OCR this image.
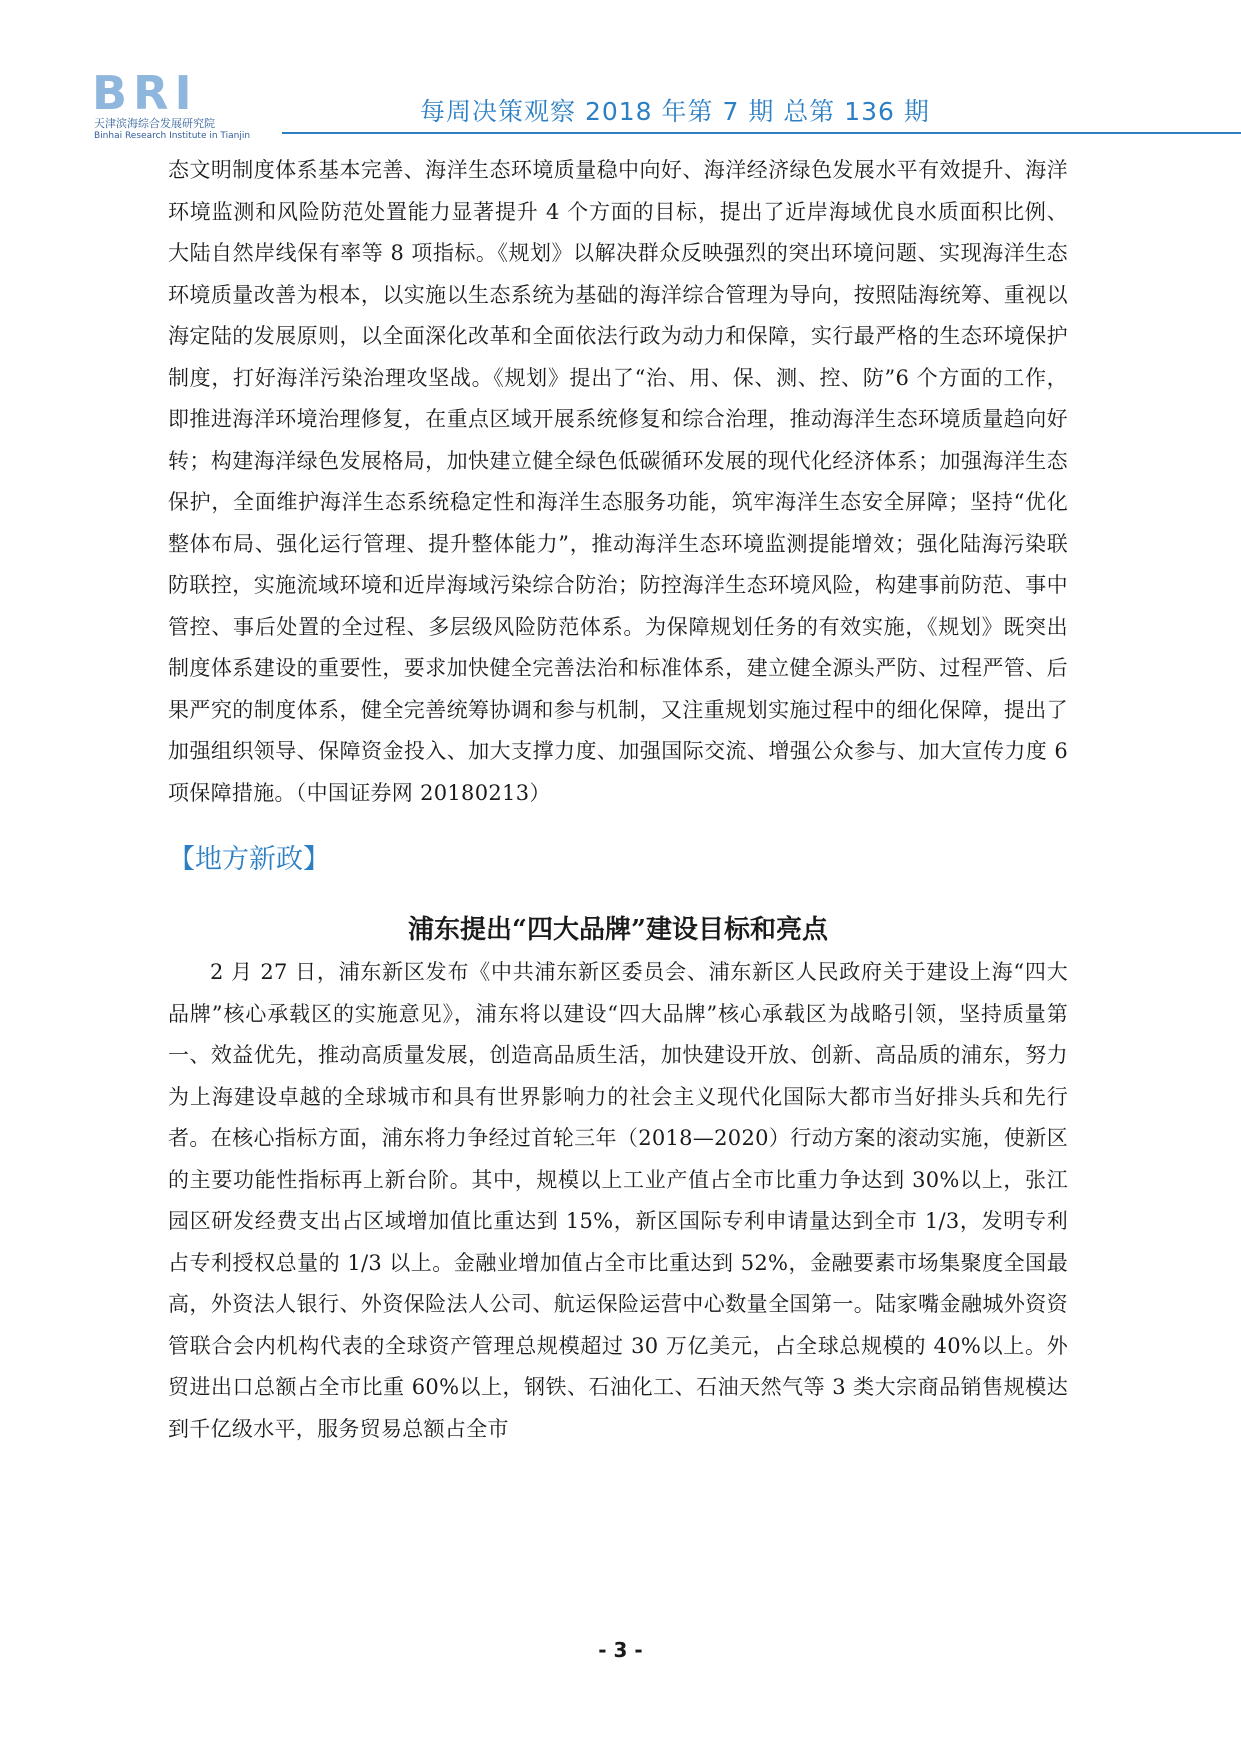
BRI
天津滨海综合发展研究院
Binhai Research Institute in Tianjin
每周决策观察 2018 年第 7 期 总第 136 期

态文明制度体系基本完善、海洋生态环境质量稳中向好、海洋经济绿色发展水平有效提升、海洋环境监测和风险防范处置能力显著提升 4 个方面的目标，提出了近岸海域优良水质面积比例、大陆自然岸线保有率等 8 项指标。《规划》以解决群众反映强烈的突出环境问题、实现海洋生态环境质量改善为根本，以实施以生态系统为基础的海洋综合管理为导向，按照陆海统筹、重视以海定陆的发展原则，以全面深化改革和全面依法行政为动力和保障，实行最严格的生态环境保护制度，打好海洋污染治理攻坚战。《规划》提出了“治、用、保、测、控、防”6 个方面的工作，即推进海洋环境治理修复，在重点区域开展系统修复和综合治理，推动海洋生态环境质量趋向好转；构建海洋绿色发展格局，加快建立健全绿色低碳循环发展的现代化经济体系；加强海洋生态保护，全面维护海洋生态系统稳定性和海洋生态服务功能，筑牢海洋生态安全屏障；坚持“优化整体布局、强化运行管理、提升整体能力”，推动海洋生态环境监测提能增效；强化陆海污染联防联控，实施流域环境和近岸海域污染综合防治；防控海洋生态环境风险，构建事前防范、事中管控、事后处置的全过程、多层级风险防范体系。为保障规划任务的有效实施，《规划》既突出制度体系建设的重要性，要求加快健全完善法治和标准体系，建立健全源头严防、过程严管、后果严究的制度体系，健全完善统筹协调和参与机制，又注重规划实施过程中的细化保障，提出了加强组织领导、保障资金投入、加大支撑力度、加强国际交流、增强公众参与、加大宣传力度 6 项保障措施。（中国证券网 20180213）

【地方新政】
浦东提出“四大品牌”建设目标和亮点

2 月 27 日，浦东新区发布《中共浦东新区委员会、浦东新区人民政府关于建设上海“四大品牌”核心承载区的实施意见》，浦东将以建设“四大品牌”核心承载区为战略引领，坚持质量第一、效益优先，推动高质量发展，创造高品质生活，加快建设开放、创新、高品质的浦东，努力为上海建设卓越的全球城市和具有世界影响力的社会主义现代化国际大都市当好排头兵和先行者。在核心指标方面，浦东将力争经过首轮三年（2018—2020）行动方案的滚动实施，使新区的主要功能性指标再上新台阶。其中，规模以上工业产值占全市比重力争达到 30%以上，张江园区研发经费支出占区域增加值比重达到 15%，新区国际专利申请量达到全市 1/3，发明专利占专利授权总量的 1/3 以上。金融业增加值占全市比重达到 52%，金融要素市场集聚度全国最高，外资法人银行、外资保险法人公司、航运保险运营中心数量全国第一。陆家嘴金融城外资资管联合会内机构代表的全球资产管理总规模超过 30 万亿美元，占全球总规模的 40%以上。外贸进出口总额占全市比重 60%以上，钢铁、石油化工、石油天然气等 3 类大宗商品销售规模达到千亿级水平，服务贸易总额占全市

- 3 -
